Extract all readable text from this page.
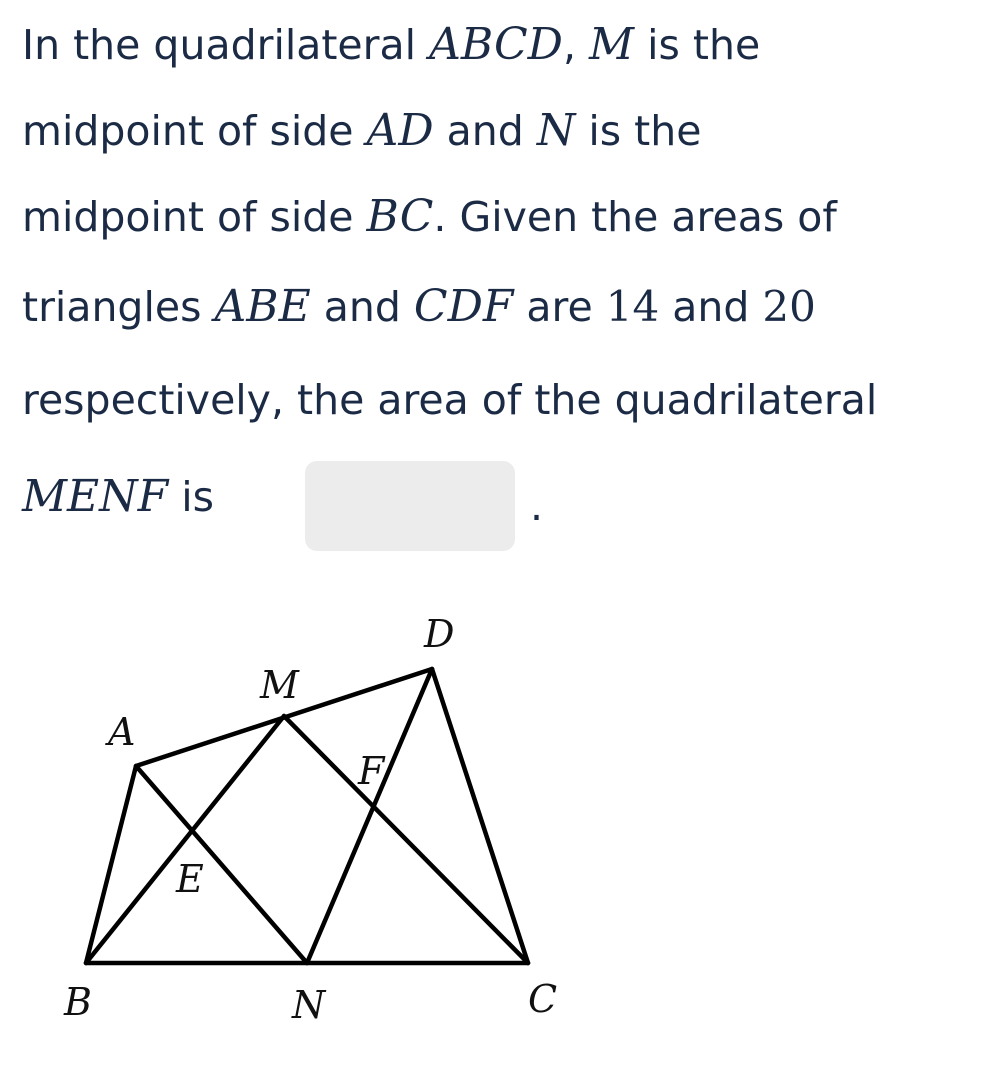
In the quadrilateral ABCD, M is the
midpoint of side AD and N is the
midpoint of side BC. Given the areas of
triangles ABE and CDF are 14 and 20
respectively, the area of the quadrilateral
MENF is	.
A
B	C
D
M
N
E
F
